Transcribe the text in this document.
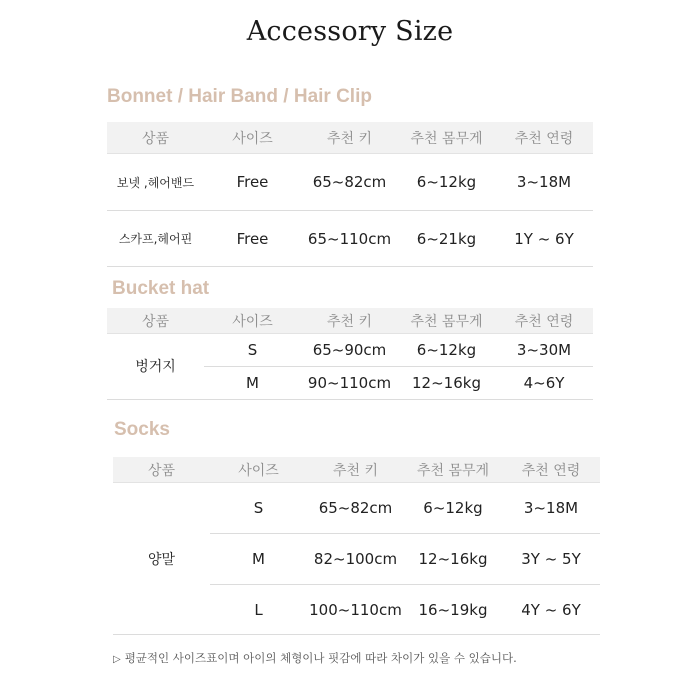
Accessory Size
Bonnet / Hair Band / Hair Clip
상품	사이즈	추천 키	추천 몸무게	추천 연령
보넷 ,헤어밴드	Free	65~82cm	6~12kg	3~18M
스카프,헤어핀	Free	65~110cm	6~21kg	1Y ~ 6Y
Bucket hat
상품	사이즈	추천 키	추천 몸무게	추천 연령
벙거지
S	65~90cm	6~12kg	3~30M
M	90~110cm	12~16kg	4~6Y
Socks
상품	사이즈	추천 키	추천 몸무게	추천 연령
양말
S	65~82cm	6~12kg	3~18M
M	82~100cm	12~16kg	3Y ~ 5Y
L	100~110cm	16~19kg	4Y ~ 6Y
▷ 평균적인 사이즈표이며 아이의 체형이나 핏감에 따라 차이가 있을 수 있습니다.
